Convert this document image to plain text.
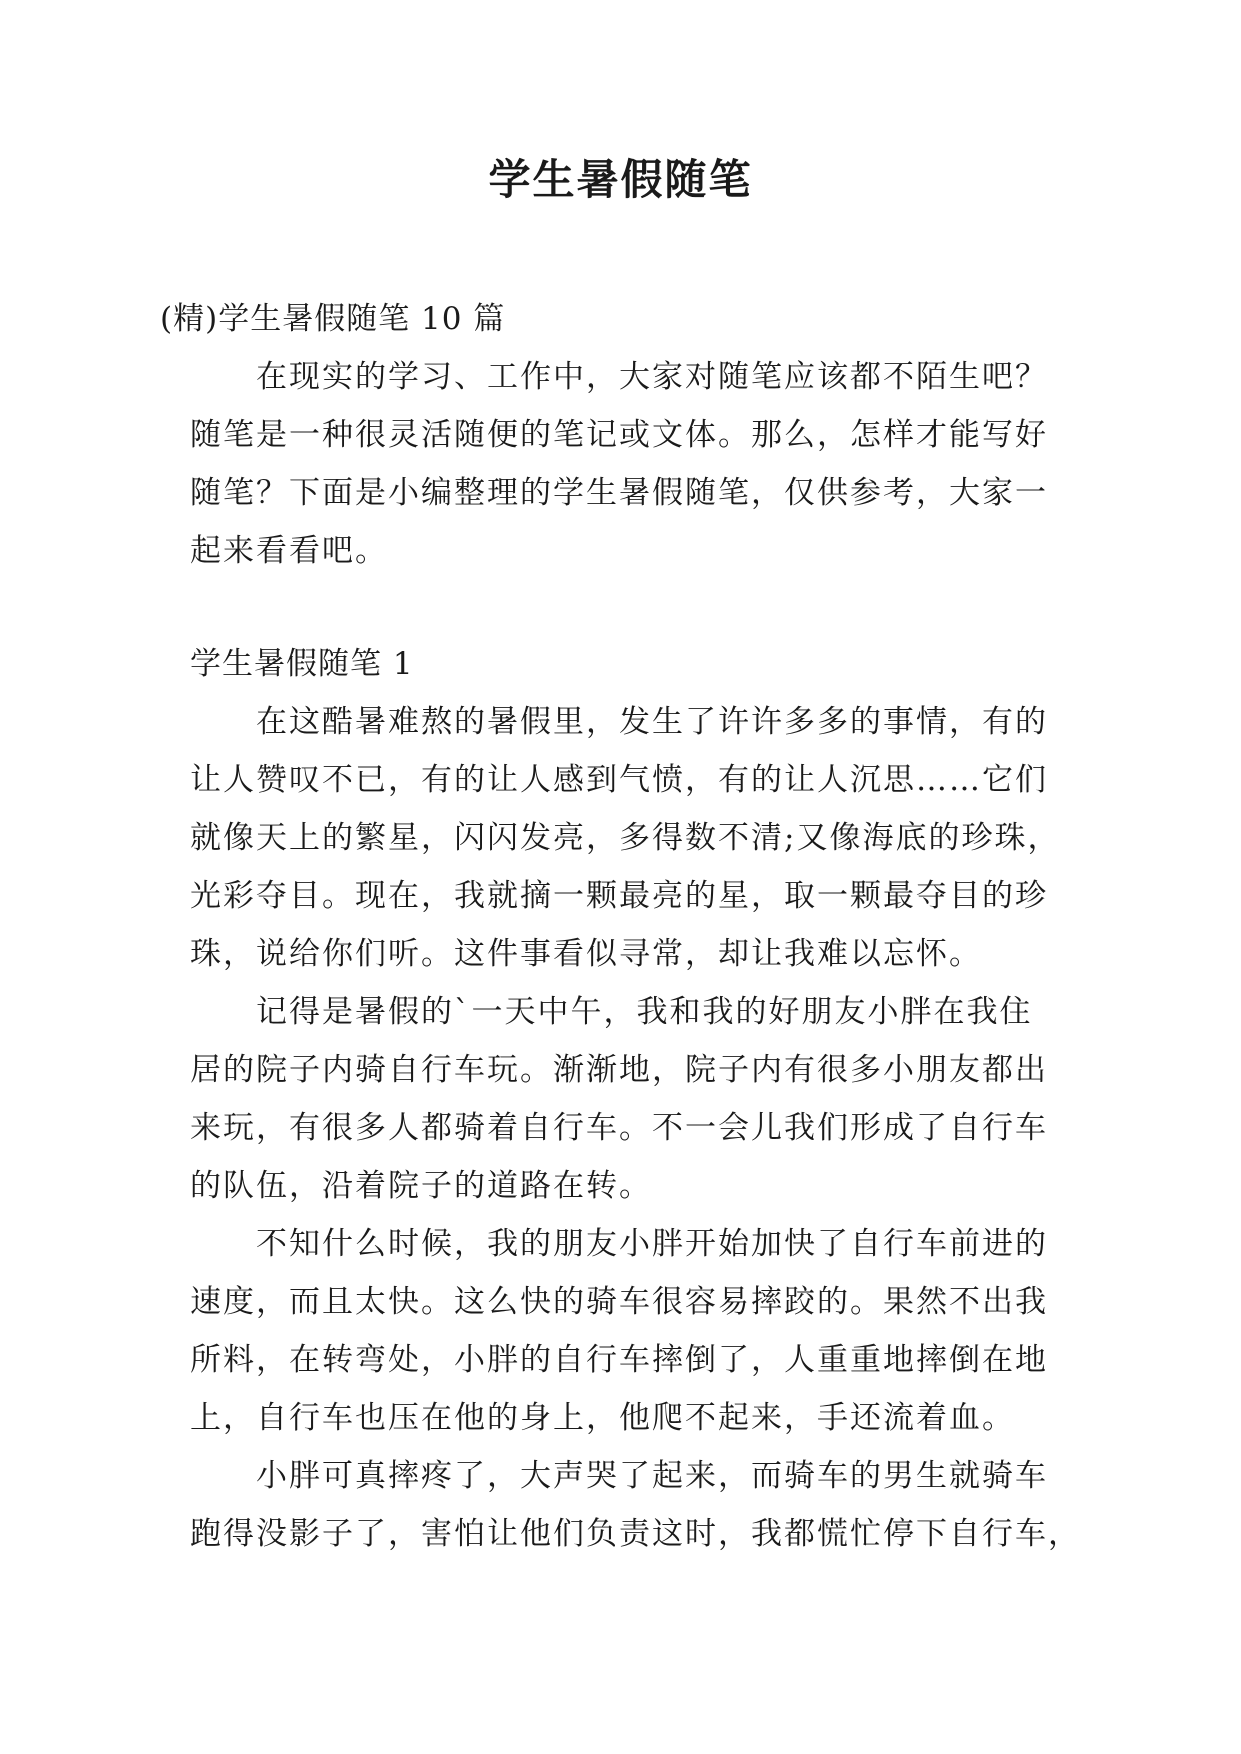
学生暑假随笔

(精)学生暑假随笔 10 篇

在现实的学习、工作中，大家对随笔应该都不陌生吧？

随笔是一种很灵活随便的笔记或文体。那么，怎样才能写好

随笔？下面是小编整理的学生暑假随笔，仅供参考，大家一

起来看看吧。

学生暑假随笔 1

在这酷暑难熬的暑假里，发生了许许多多的事情，有的

让人赞叹不已，有的让人感到气愤，有的让人沉思……它们

就像天上的繁星，闪闪发亮，多得数不清;又像海底的珍珠，

光彩夺目。现在，我就摘一颗最亮的星，取一颗最夺目的珍

珠，说给你们听。这件事看似寻常，却让我难以忘怀。

记得是暑假的`一天中午，我和我的好朋友小胖在我住

居的院子内骑自行车玩。渐渐地，院子内有很多小朋友都出

来玩，有很多人都骑着自行车。不一会儿我们形成了自行车

的队伍，沿着院子的道路在转。

不知什么时候，我的朋友小胖开始加快了自行车前进的

速度，而且太快。这么快的骑车很容易摔跤的。果然不出我

所料，在转弯处，小胖的自行车摔倒了，人重重地摔倒在地

上，自行车也压在他的身上，他爬不起来，手还流着血。

小胖可真摔疼了，大声哭了起来，而骑车的男生就骑车

跑得没影子了，害怕让他们负责这时，我都慌忙停下自行车，
